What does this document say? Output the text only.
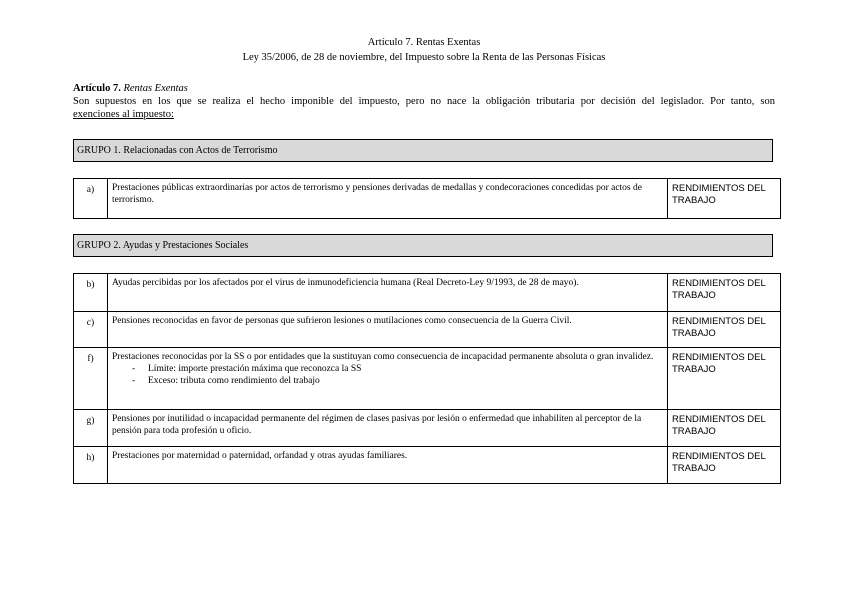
Artículo 7. Rentas Exentas
Ley 35/2006, de 28 de noviembre, del Impuesto sobre la Renta de las Personas Físicas
Artículo 7. Rentas Exentas
Son supuestos en los que se realiza el hecho imponible del impuesto, pero no nace la obligación tributaria por decisión del legislador. Por tanto, son
exenciones al impuesto:
GRUPO 1. Relacionadas con Actos de Terrorismo
a)	Prestaciones públicas extraordinarias por actos de terrorismo y pensiones derivadas de medallas y condecoraciones concedidas por actos de terrorismo.	RENDIMIENTOS DEL TRABAJO
GRUPO 2. Ayudas y Prestaciones Sociales
b)	Ayudas percibidas por los afectados por el virus de inmunodeficiencia humana (Real Decreto-Ley 9/1993, de 28 de mayo).	RENDIMIENTOS DEL TRABAJO
c)	Pensiones reconocidas en favor de personas que sufrieron lesiones o mutilaciones como consecuencia de la Guerra Civil.	RENDIMIENTOS DEL TRABAJO
f)	Prestaciones reconocidas por la SS o por entidades que la sustituyan como consecuencia de incapacidad permanente absoluta o gran invalidez.
- Límite: importe prestación máxima que reconozca la SS
- Exceso: tributa como rendimiento del trabajo	RENDIMIENTOS DEL TRABAJO
g)	Pensiones por inutilidad o incapacidad permanente del régimen de clases pasivas por lesión o enfermedad que inhabiliten al perceptor de la pensión para toda profesión u oficio.	RENDIMIENTOS DEL TRABAJO
h)	Prestaciones por maternidad o paternidad, orfandad y otras ayudas familiares.	RENDIMIENTOS DEL TRABAJO
